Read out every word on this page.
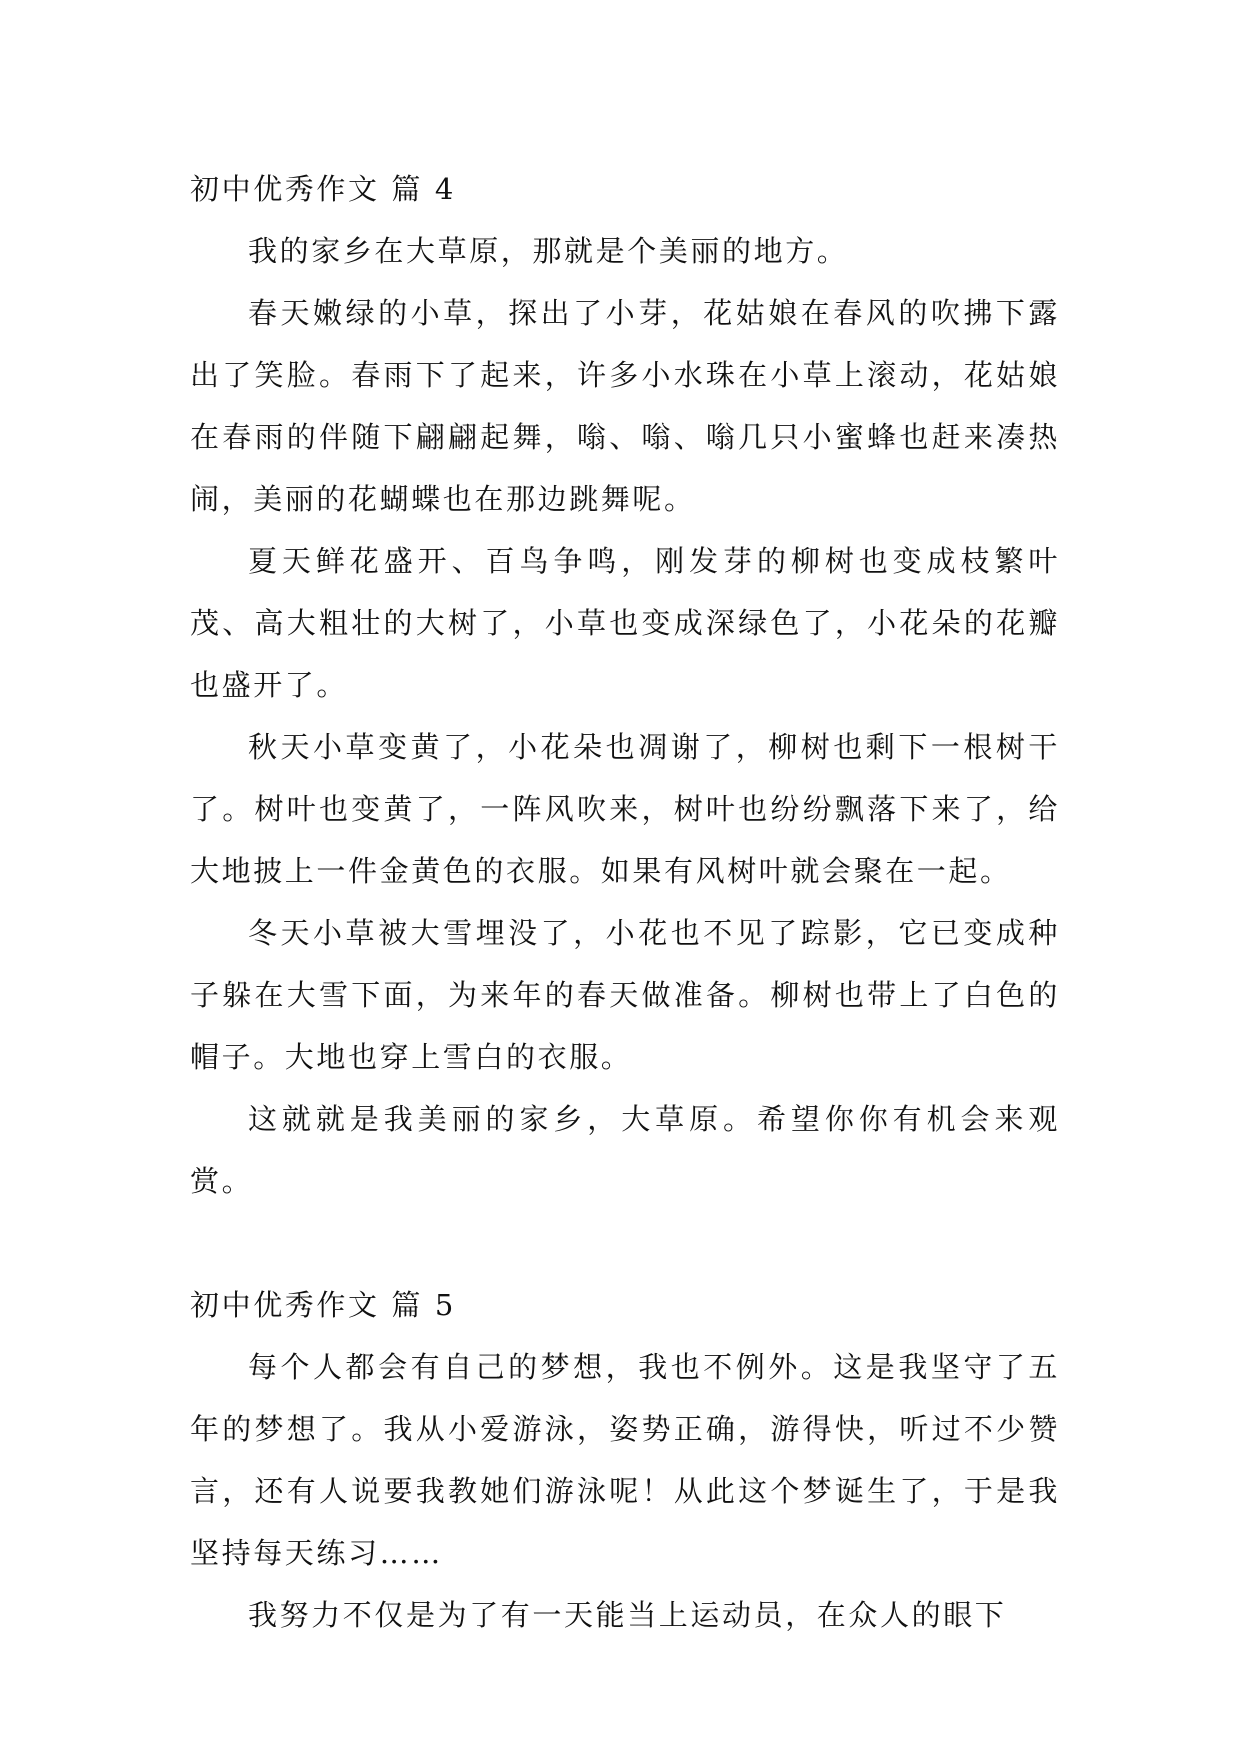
初中优秀作文 篇 4

我的家乡在大草原，那就是个美丽的地方。

春天嫩绿的小草，探出了小芽，花姑娘在春风的吹拂下露出了笑脸。春雨下了起来，许多小水珠在小草上滚动，花姑娘在春雨的伴随下翩翩起舞，嗡、嗡、嗡几只小蜜蜂也赶来凑热闹，美丽的花蝴蝶也在那边跳舞呢。

夏天鲜花盛开、百鸟争鸣，刚发芽的柳树也变成枝繁叶茂、高大粗壮的大树了，小草也变成深绿色了，小花朵的花瓣也盛开了。

秋天小草变黄了，小花朵也凋谢了，柳树也剩下一根树干了。树叶也变黄了，一阵风吹来，树叶也纷纷飘落下来了，给大地披上一件金黄色的衣服。如果有风树叶就会聚在一起。

冬天小草被大雪埋没了，小花也不见了踪影，它已变成种子躲在大雪下面，为来年的春天做准备。柳树也带上了白色的帽子。大地也穿上雪白的衣服。

这就就是我美丽的家乡，大草原。希望你你有机会来观赏。

初中优秀作文 篇 5

每个人都会有自己的梦想，我也不例外。这是我坚守了五年的梦想了。我从小爱游泳，姿势正确，游得快，听过不少赞言，还有人说要我教她们游泳呢！从此这个梦诞生了，于是我坚持每天练习……

我努力不仅是为了有一天能当上运动员，在众人的眼下
